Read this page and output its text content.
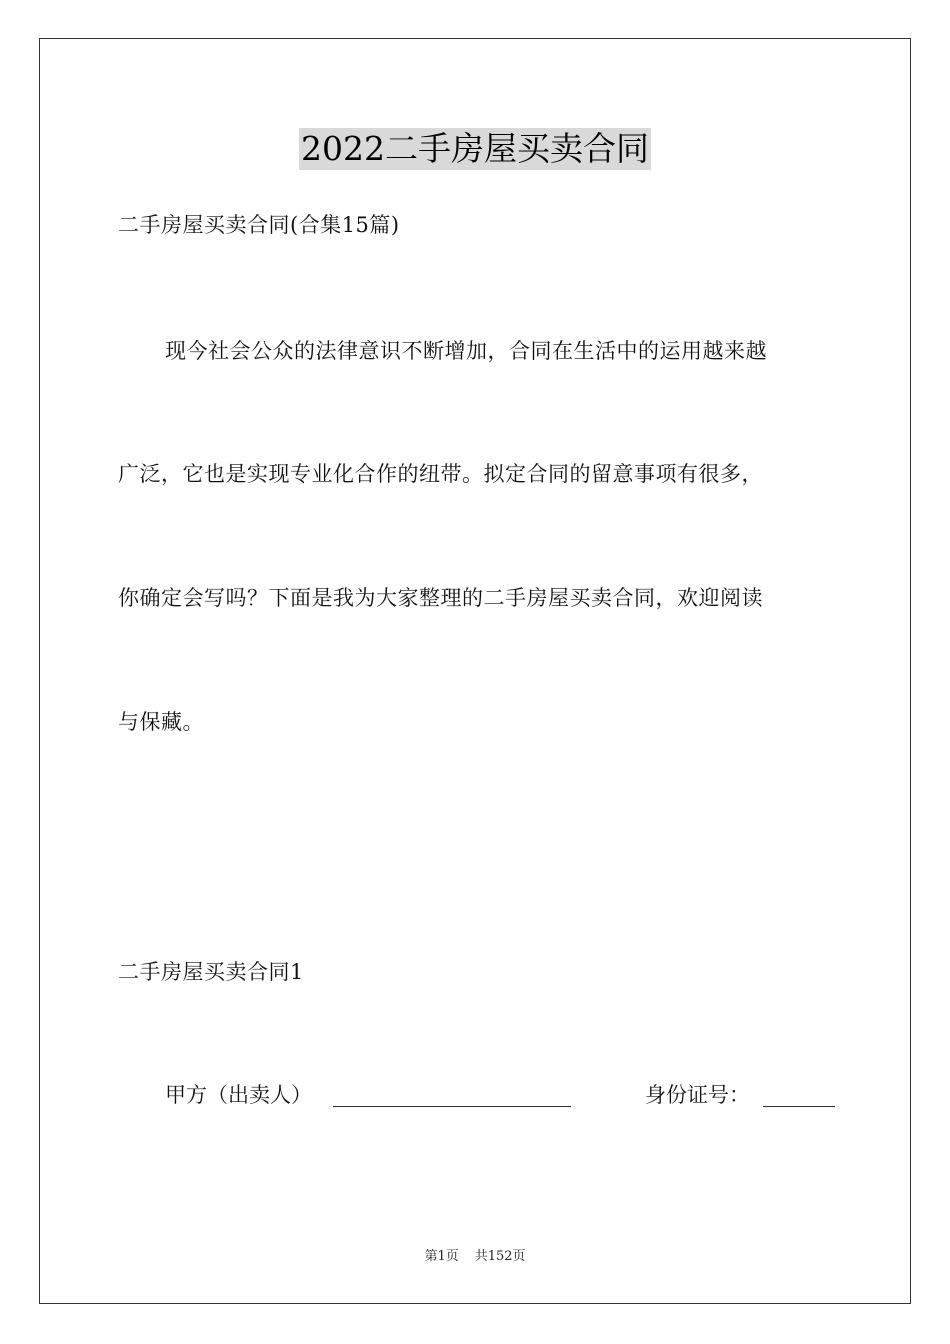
2022二手房屋买卖合同
二手房屋买卖合同(合集15篇)
现今社会公众的法律意识不断增加，合同在生活中的运用越来越
广泛，它也是实现专业化合作的纽带。拟定合同的留意事项有很多，
你确定会写吗？下面是我为大家整理的二手房屋买卖合同，欢迎阅读
与保藏。
二手房屋买卖合同1
甲方（出卖人）	身份证号：
第1页 共152页
